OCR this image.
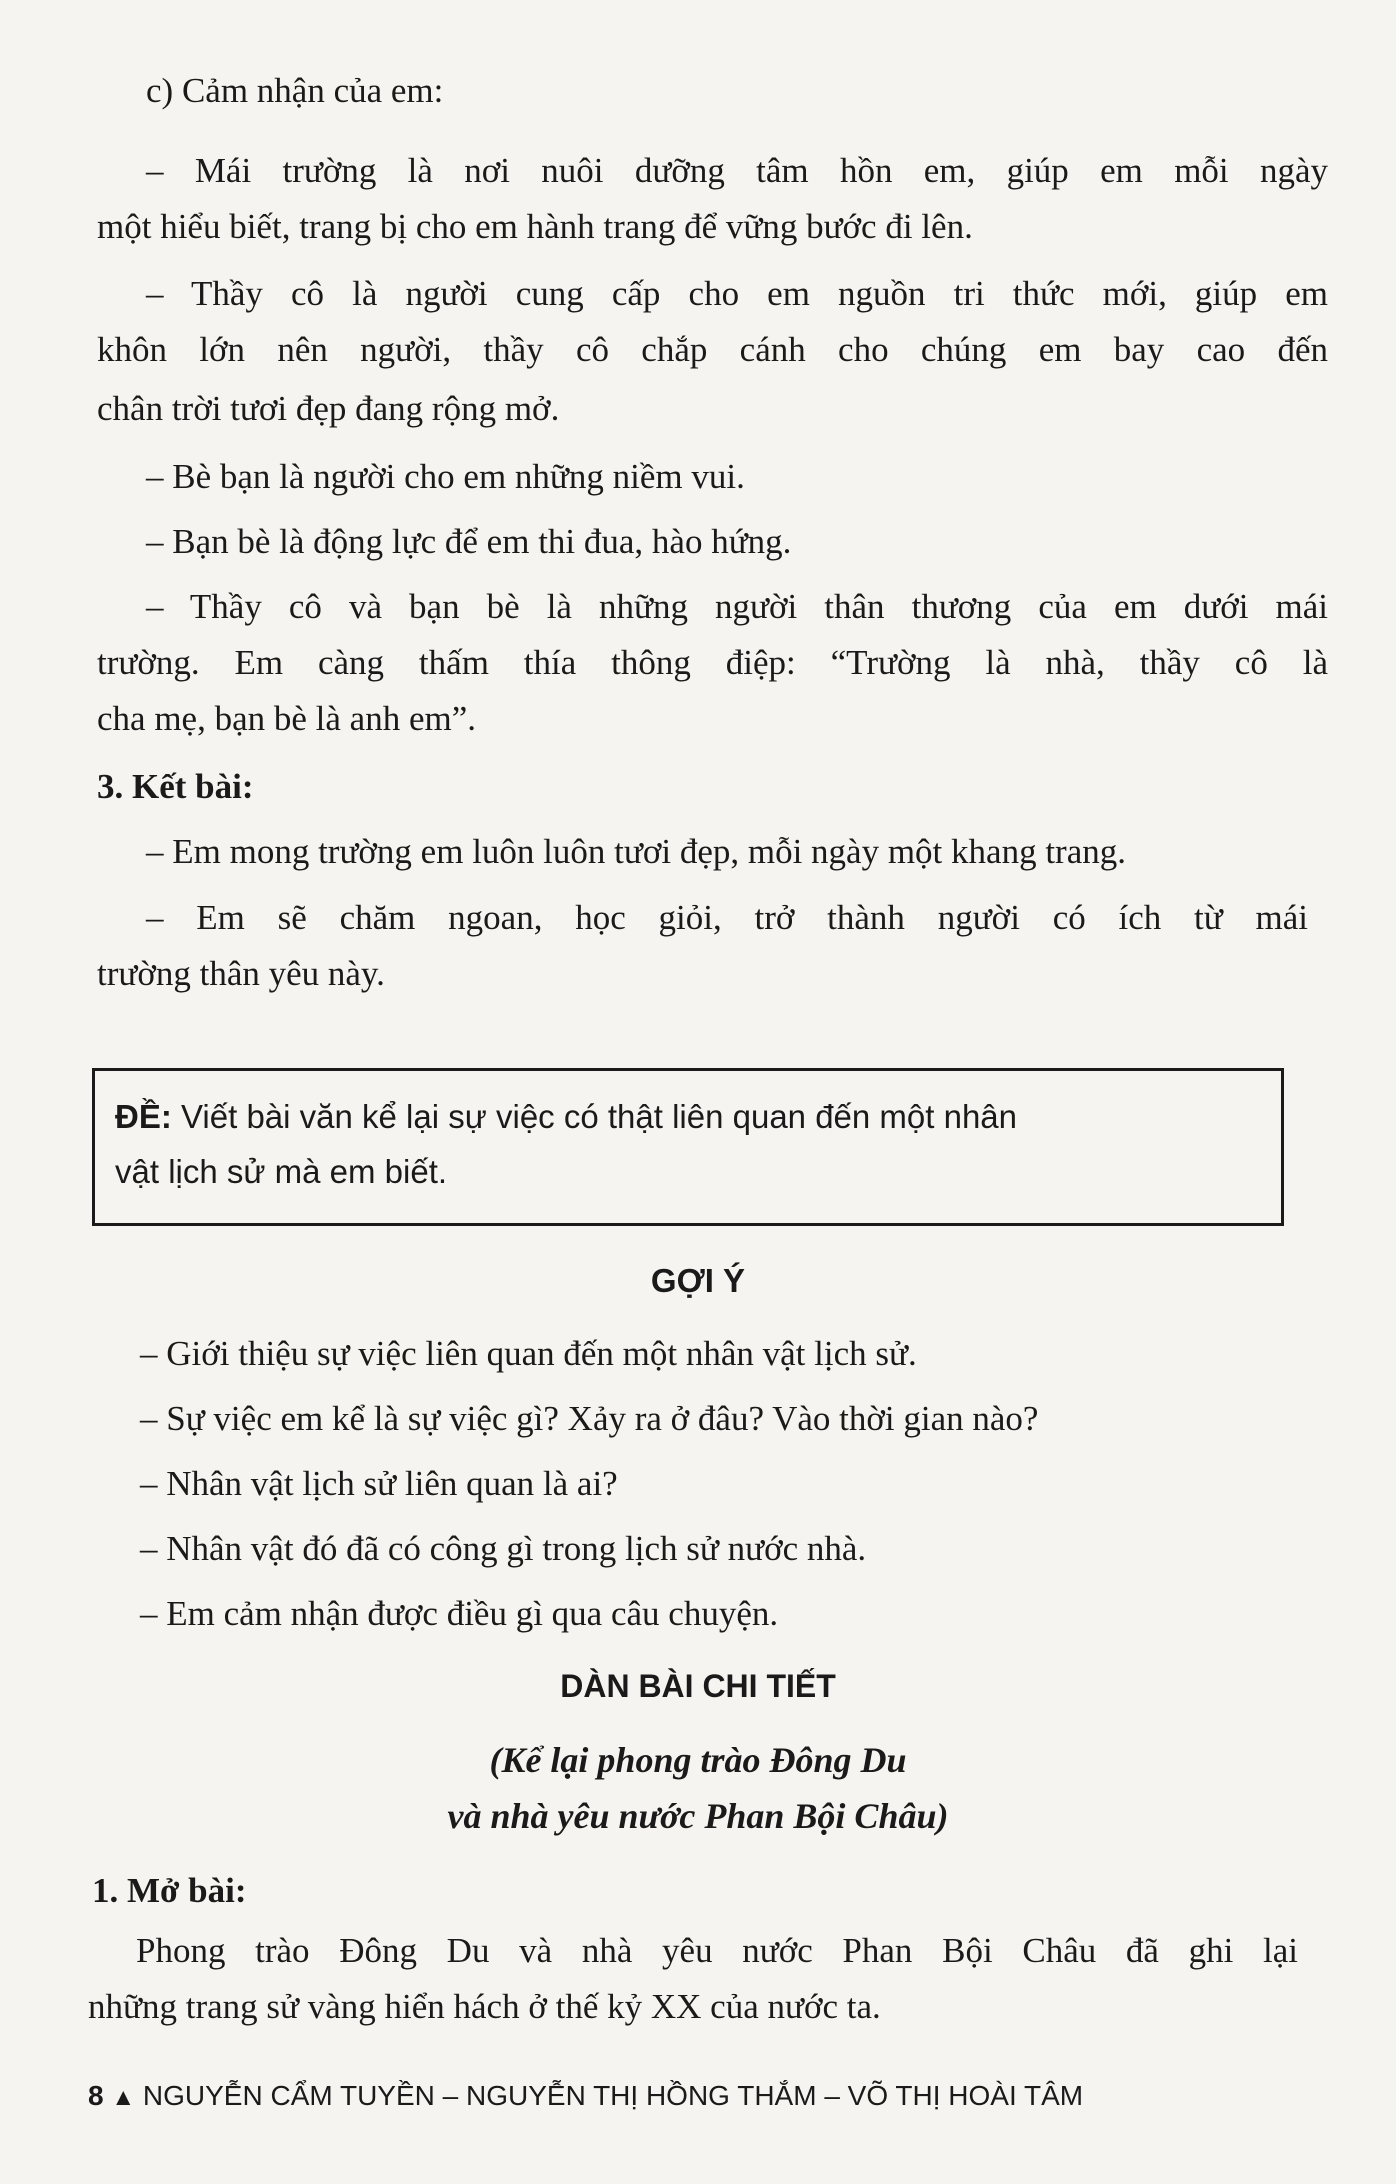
c) Cảm nhận của em:
– Mái trường là nơi nuôi dưỡng tâm hồn em, giúp em mỗi ngày
một hiểu biết, trang bị cho em hành trang để vững bước đi lên.
– Thầy cô là người cung cấp cho em nguồn tri thức mới, giúp em
khôn lớn nên người, thầy cô chắp cánh cho chúng em bay cao đến
chân trời tươi đẹp đang rộng mở.
– Bè bạn là người cho em những niềm vui.
– Bạn bè là động lực để em thi đua, hào hứng.
– Thầy cô và bạn bè là những người thân thương của em dưới mái
trường. Em càng thấm thía thông điệp: “Trường là nhà, thầy cô là
cha mẹ, bạn bè là anh em”.
3. Kết bài:
– Em mong trường em luôn luôn tươi đẹp, mỗi ngày một khang trang.
– Em sẽ chăm ngoan, học giỏi, trở thành người có ích từ mái
trường thân yêu này.
ĐỀ: Viết bài văn kể lại sự việc có thật liên quan đến một nhân
vật lịch sử mà em biết.
GỢI Ý
– Giới thiệu sự việc liên quan đến một nhân vật lịch sử.
– Sự việc em kể là sự việc gì? Xảy ra ở đâu? Vào thời gian nào?
– Nhân vật lịch sử liên quan là ai?
– Nhân vật đó đã có công gì trong lịch sử nước nhà.
– Em cảm nhận được điều gì qua câu chuyện.
DÀN BÀI CHI TIẾT
(Kể lại phong trào Đông Du
và nhà yêu nước Phan Bội Châu)
1. Mở bài:
Phong trào Đông Du và nhà yêu nước Phan Bội Châu đã ghi lại
những trang sử vàng hiển hách ở thế kỷ XX của nước ta.
8 ▲ NGUYỄN CẨM TUYỀN – NGUYỄN THỊ HỒNG THẮM – VÕ THỊ HOÀI TÂM
